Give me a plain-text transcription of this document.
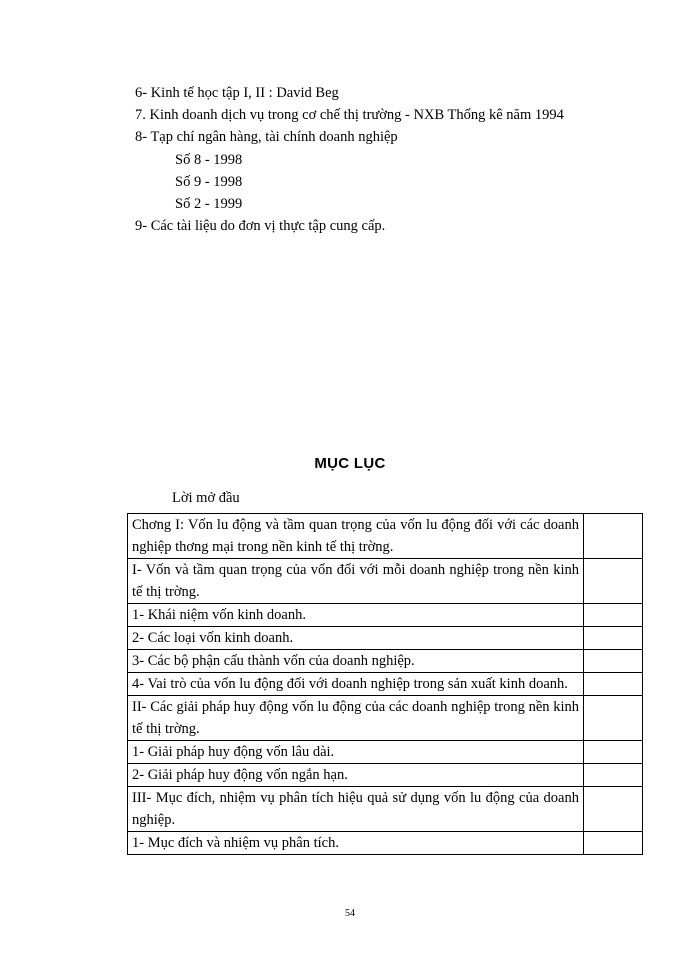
6- Kinh tế học tập I, II : David Beg
7. Kinh doanh dịch vụ trong cơ chế thị trường - NXB Thống kê năm 1994
8- Tạp chí ngân hàng, tài chính doanh nghiệp
Số 8 - 1998
Số 9 - 1998
Số 2 - 1999
9- Các tài liệu do đơn vị thực tập cung cấp.
MỤC LỤC
Lời mở đầu
Chơng I: Vốn lu động và tầm quan trọng của vốn lu động đối với các doanh nghiệp thơng mại trong nền kinh tế thị trờng.	
I- Vốn và tầm quan trọng của vốn đối với mỗi doanh nghiệp trong nền kinh tế thị trờng.	
1- Khái niệm vốn kinh doanh.	
2- Các loại vốn kinh doanh.	
3- Các bộ phận cấu thành vốn của doanh nghiệp.	
4- Vai trò của vốn lu động đối với doanh nghiệp trong sản xuất kinh doanh.	
II- Các giải pháp huy động vốn lu động của các doanh nghiệp trong nền kinh tế thị trờng.	
1- Giải pháp huy động vốn lâu dài.	
2- Giải pháp huy động vốn ngắn hạn.	
III- Mục đích, nhiệm vụ phân tích hiệu quả sử dụng vốn lu động của doanh nghiệp.	
1- Mục đích và nhiệm vụ phân tích.	
54
